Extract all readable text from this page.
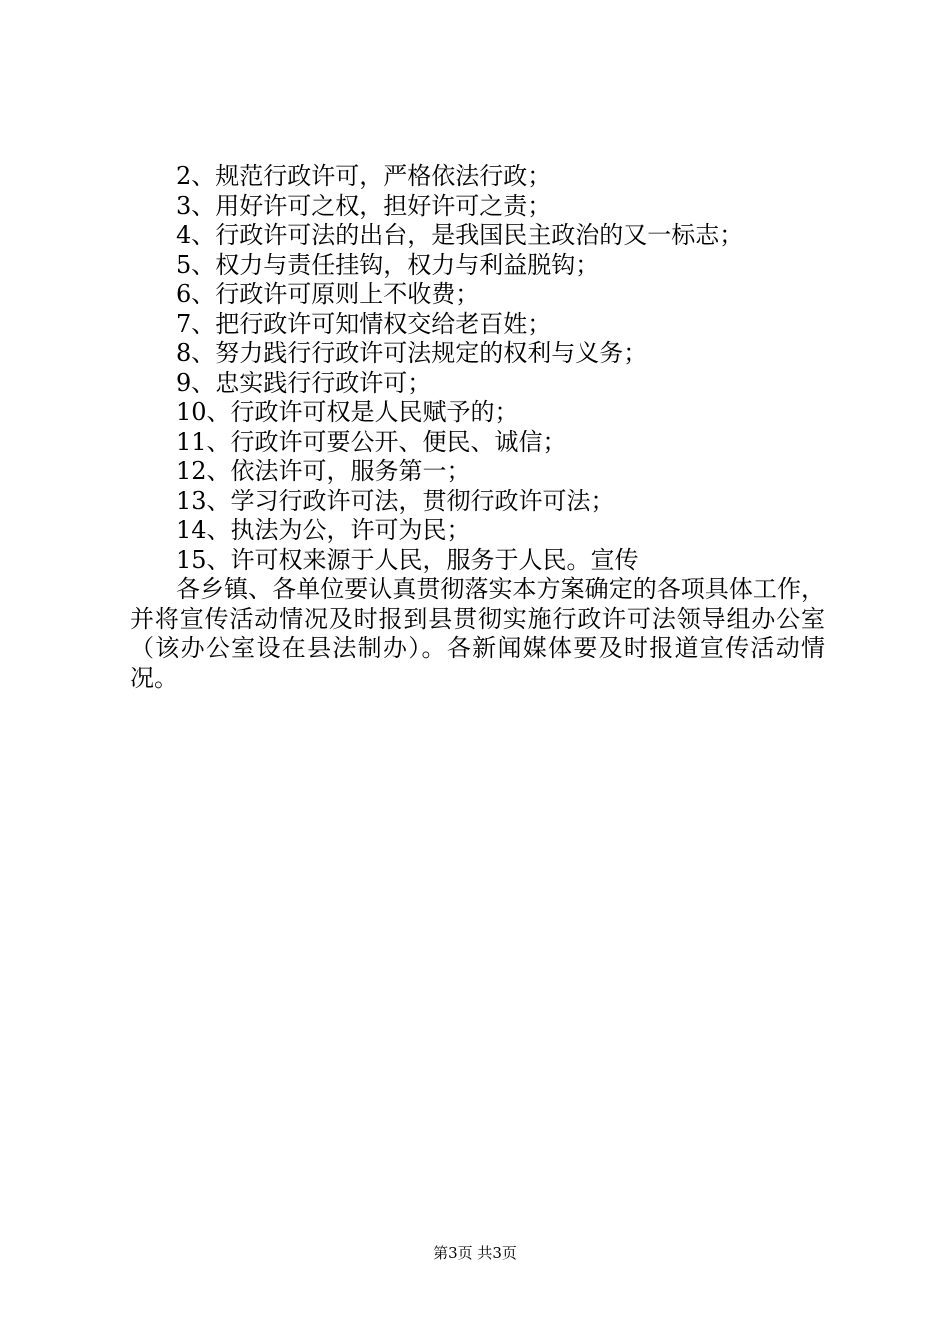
2、规范行政许可，严格依法行政；
3、用好许可之权，担好许可之责；
4、行政许可法的出台，是我国民主政治的又一标志；
5、权力与责任挂钩，权力与利益脱钩；
6、行政许可原则上不收费；
7、把行政许可知情权交给老百姓；
8、努力践行行政许可法规定的权利与义务；
9、忠实践行行政许可；
10、行政许可权是人民赋予的；
11、行政许可要公开、便民、诚信；
12、依法许可，服务第一；
13、学习行政许可法，贯彻行政许可法；
14、执法为公，许可为民；
15、许可权来源于人民，服务于人民。宣传
各乡镇、各单位要认真贯彻落实本方案确定的各项具体工作，并将宣传活动情况及时报到县贯彻实施行政许可法领导组办公室（该办公室设在县法制办）。各新闻媒体要及时报道宣传活动情况。
第3页 共3页
